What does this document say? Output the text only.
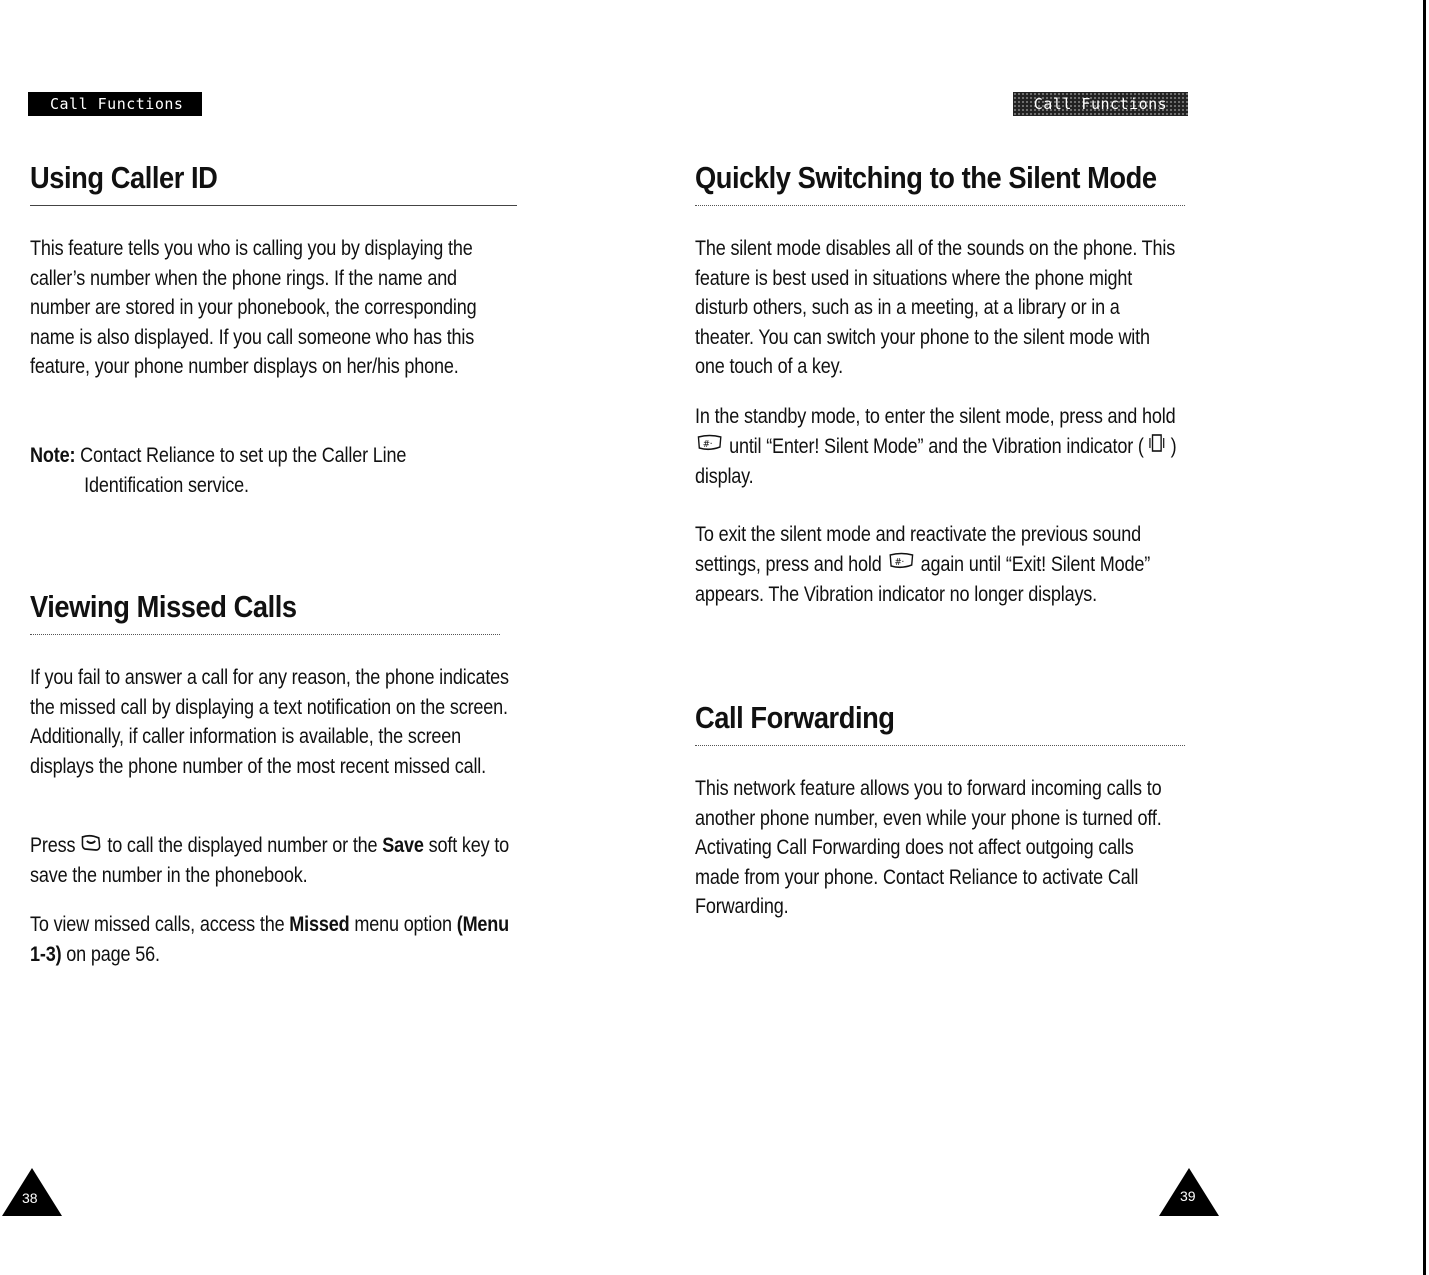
Call Functions
Using Caller ID

This feature tells you who is calling you by displaying the caller’s number when the phone rings. If the name and number are stored in your phonebook, the corresponding name is also displayed. If you call someone who has this feature, your phone number displays on her/his phone.

Note: Contact Reliance to set up the Caller Line
Identification service.

Viewing Missed Calls

If you fail to answer a call for any reason, the phone indicates the missed call by displaying a text notification on the screen. Additionally, if caller information is available, the screen displays the phone number of the most recent missed call.

Press to call the displayed number or the Save soft key to save the number in the phonebook.

To view missed calls, access the Missed menu option (Menu 1-3) on page 56.

38
Call Functions
Quickly Switching to the Silent Mode

The silent mode disables all of the sounds on the phone. This feature is best used in situations where the phone might disturb others, such as in a meeting, at a library or in a theater. You can switch your phone to the silent mode with one touch of a key.

In the standby mode, to enter the silent mode, press and hold
#· until “Enter! Silent Mode” and the Vibration indicator ( ) display.

To exit the silent mode and reactivate the previous sound settings, press and hold #· again until “Exit! Silent Mode” appears. The Vibration indicator no longer displays.

Call Forwarding

This network feature allows you to forward incoming calls to another phone number, even while your phone is turned off. Activating Call Forwarding does not affect outgoing calls made from your phone. Contact Reliance to activate Call Forwarding.

39
